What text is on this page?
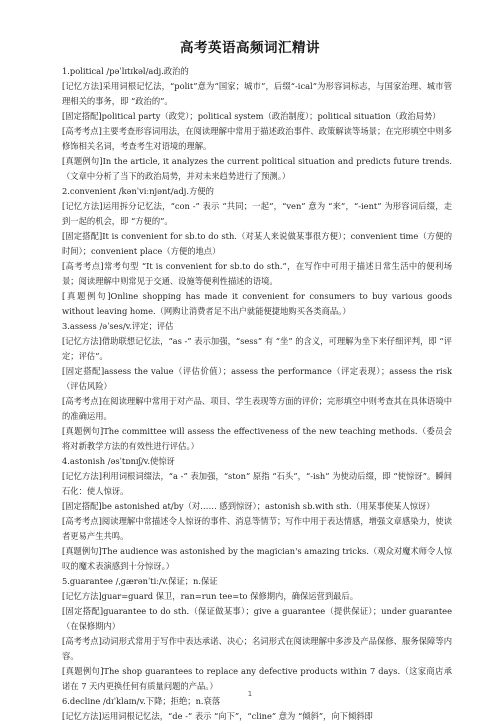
高考英语高频词汇精讲
1.political /pəˈlɪtɪkəl/adj.政治的
[记忆方法]采用词根记忆法，“polit”意为“国家；城市”，后缀“-ical”为形容词标志，与国家治理、城市管理相关的事务，即 “政治的”。
[固定搭配]political party（政党）；political system（政治制度）；political situation（政治局势）
[高考考点]主要考查形容词用法，在阅读理解中常用于描述政治事件、政策解读等场景；在完形填空中则多修饰相关名词，考查考生对语境的理解。
[真题例句]In the article, it analyzes the current political situation and predicts future trends.（文章中分析了当下的政治局势，并对未来趋势进行了预测。）
2.convenient /kənˈviːnjənt/adj.方便的
[记忆方法]运用拆分记忆法，“con -” 表示 “共同；一起”，“ven” 意为 “来”，“-ient” 为形容词后缀，走到一起的机会，即 “方便的”。
[固定搭配]It is convenient for sb.to do sth.（对某人来说做某事很方便）；convenient time（方便的时间）；convenient place（方便的地点）
[高考考点]常考句型 “It is convenient for sb.to do sth.”，在写作中可用于描述日常生活中的便利场景；阅读理解中则常见于交通、设施等便利性描述的语境。
[真题例句]Online shopping has made it convenient for consumers to buy various goods without leaving home.（网购让消费者足不出户就能便捷地购买各类商品。）
3.assess /əˈses/v.评定；评估
[记忆方法]借助联想记忆法，“as -” 表示加强，“sess” 有 “坐” 的含义，可理解为坐下来仔细评判，即 “评定；评估”。
[固定搭配]assess the value（评估价值）；assess the performance（评定表现）；assess the risk（评估风险）
[高考考点]在阅读理解中常用于对产品、项目、学生表现等方面的评价；完形填空中则考查其在具体语境中的准确运用。
[真题例句]The committee will assess the effectiveness of the new teaching methods.（委员会将对新教学方法的有效性进行评估。）
4.astonish /əsˈtɒnɪʃ/v.使惊讶
[记忆方法]利用词根词缀法，“a -” 表加强，“ston” 原指 “石头”，“-ish” 为使动后缀，即 “使惊讶”。瞬间石化：使人惊讶。
[固定搭配]be astonished at/by（对…… 感到惊讶）；astonish sb.with sth.（用某事使某人惊讶）
[高考考点]阅读理解中常描述令人惊讶的事件、消息等情节；写作中用于表达情感，增强文章感染力，使读者更易产生共鸣。
[真题例句]The audience was astonished by the magician's amazing tricks.（观众对魔术师令人惊叹的魔术表演感到十分惊讶。）
5.guarantee /ˌɡærənˈtiː/v.保证；n.保证
[记忆方法]guar=guard 保卫，ran=run tee=to 保修期内，确保运营到最后。
[固定搭配]guarantee to do sth.（保证做某事）；give a guarantee（提供保证）；under guarantee（在保修期内）
[高考考点]动词形式常用于写作中表达承诺、决心；名词形式在阅读理解中多涉及产品保修、服务保障等内容。
[真题例句]The shop guarantees to replace any defective products within 7 days.（这家商店承诺在 7 天内更换任何有质量问题的产品。）
6.decline /dɪˈklaɪn/v.下降；拒绝；n.衰落
[记忆方法]运用词根记忆法，“de -” 表示 “向下”，“cline” 意为 “倾斜”，向下倾斜即
1
